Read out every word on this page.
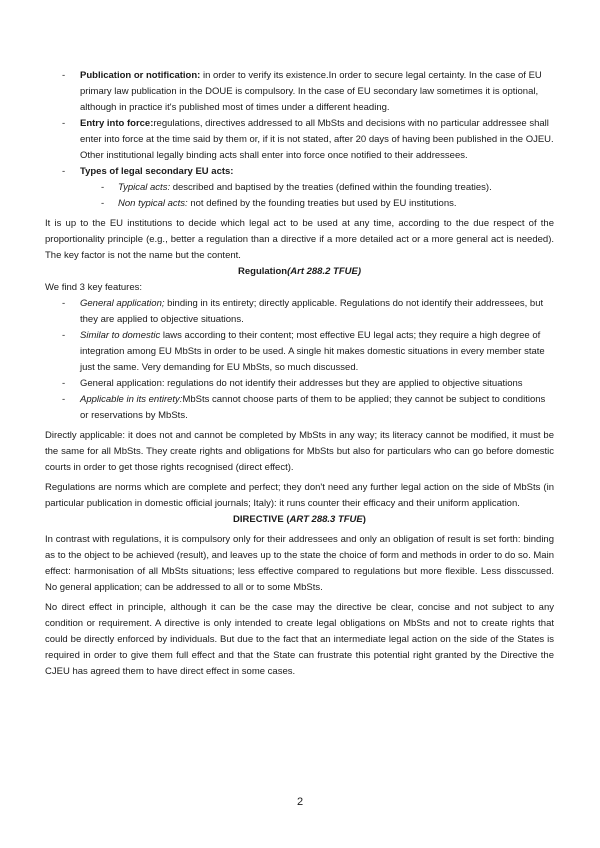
- Publication or notification: in order to verify its existence.In order to secure legal certainty. In the case of EU primary law publication in the DOUE is compulsory. In the case of EU secondary law sometimes it is optional, although in practice it's published most of times under a different heading.
- Entry into force:regulations, directives addressed to all MbSts and decisions with no particular addressee shall enter into force at the time said by them or, if it is not stated, after 20 days of having been published in the OJEU. Other institutional legally binding acts shall enter into force once notified to their addressees.
- Types of legal secondary EU acts:
- Typical acts: described and baptised by the treaties (defined within the founding treaties).
- Non typical acts: not defined by the founding treaties but used by EU institutions.

It is up to the EU institutions to decide which legal act to be used at any time, according to the due respect of the proportionality principle (e.g., better a regulation than a directive if a more detailed act or a more general act is needed). The key factor is not the name but the content.

Regulation(Art 288.2 TFUE)

We find 3 key features:

- General application; binding in its entirety; directly applicable. Regulations do not identify their addressees, but they are applied to objective situations.
- Similar to domestic laws according to their content; most effective EU legal acts; they require a high degree of integration among EU MbSts in order to be used. A single hit makes domestic situations in every member state just the same. Very demanding for EU MbSts, so much discussed.
- General application: regulations do not identify their addresses but they are applied to objective situations
- Applicable in its entirety:MbSts cannot choose parts of them to be applied; they cannot be subject to conditions or reservations by MbSts.

Directly applicable: it does not and cannot be completed by MbSts in any way; its literacy cannot be modified, it must be the same for all MbSts. They create rights and obligations for MbSts but also for particulars who can go before domestic courts in order to get those rights recognised (direct effect).

Regulations are norms which are complete and perfect; they don't need any further legal action on the side of MbSts (in particular publication in domestic official journals; Italy): it runs counter their efficacy and their uniform application.

DIRECTIVE (ART 288.3 TFUE)

In contrast with regulations, it is compulsory only for their addressees and only an obligation of result is set forth: binding as to the object to be achieved (result), and leaves up to the state the choice of form and methods in order to do so. Main effect: harmonisation of all MbSts situations; less effective compared to regulations but more flexible. Less disscussed. No general application; can be addressed to all or to some MbSts.

No direct effect in principle, although it can be the case may the directive be clear, concise and not subject to any condition or requirement. A directive is only intended to create legal obligations on MbSts and not to create rights that could be directly enforced by individuals. But due to the fact that an intermediate legal action on the side of the States is required in order to give them full effect and that the State can frustrate this potential right granted by the Directive the CJEU has agreed them to have direct effect in some cases.

2
